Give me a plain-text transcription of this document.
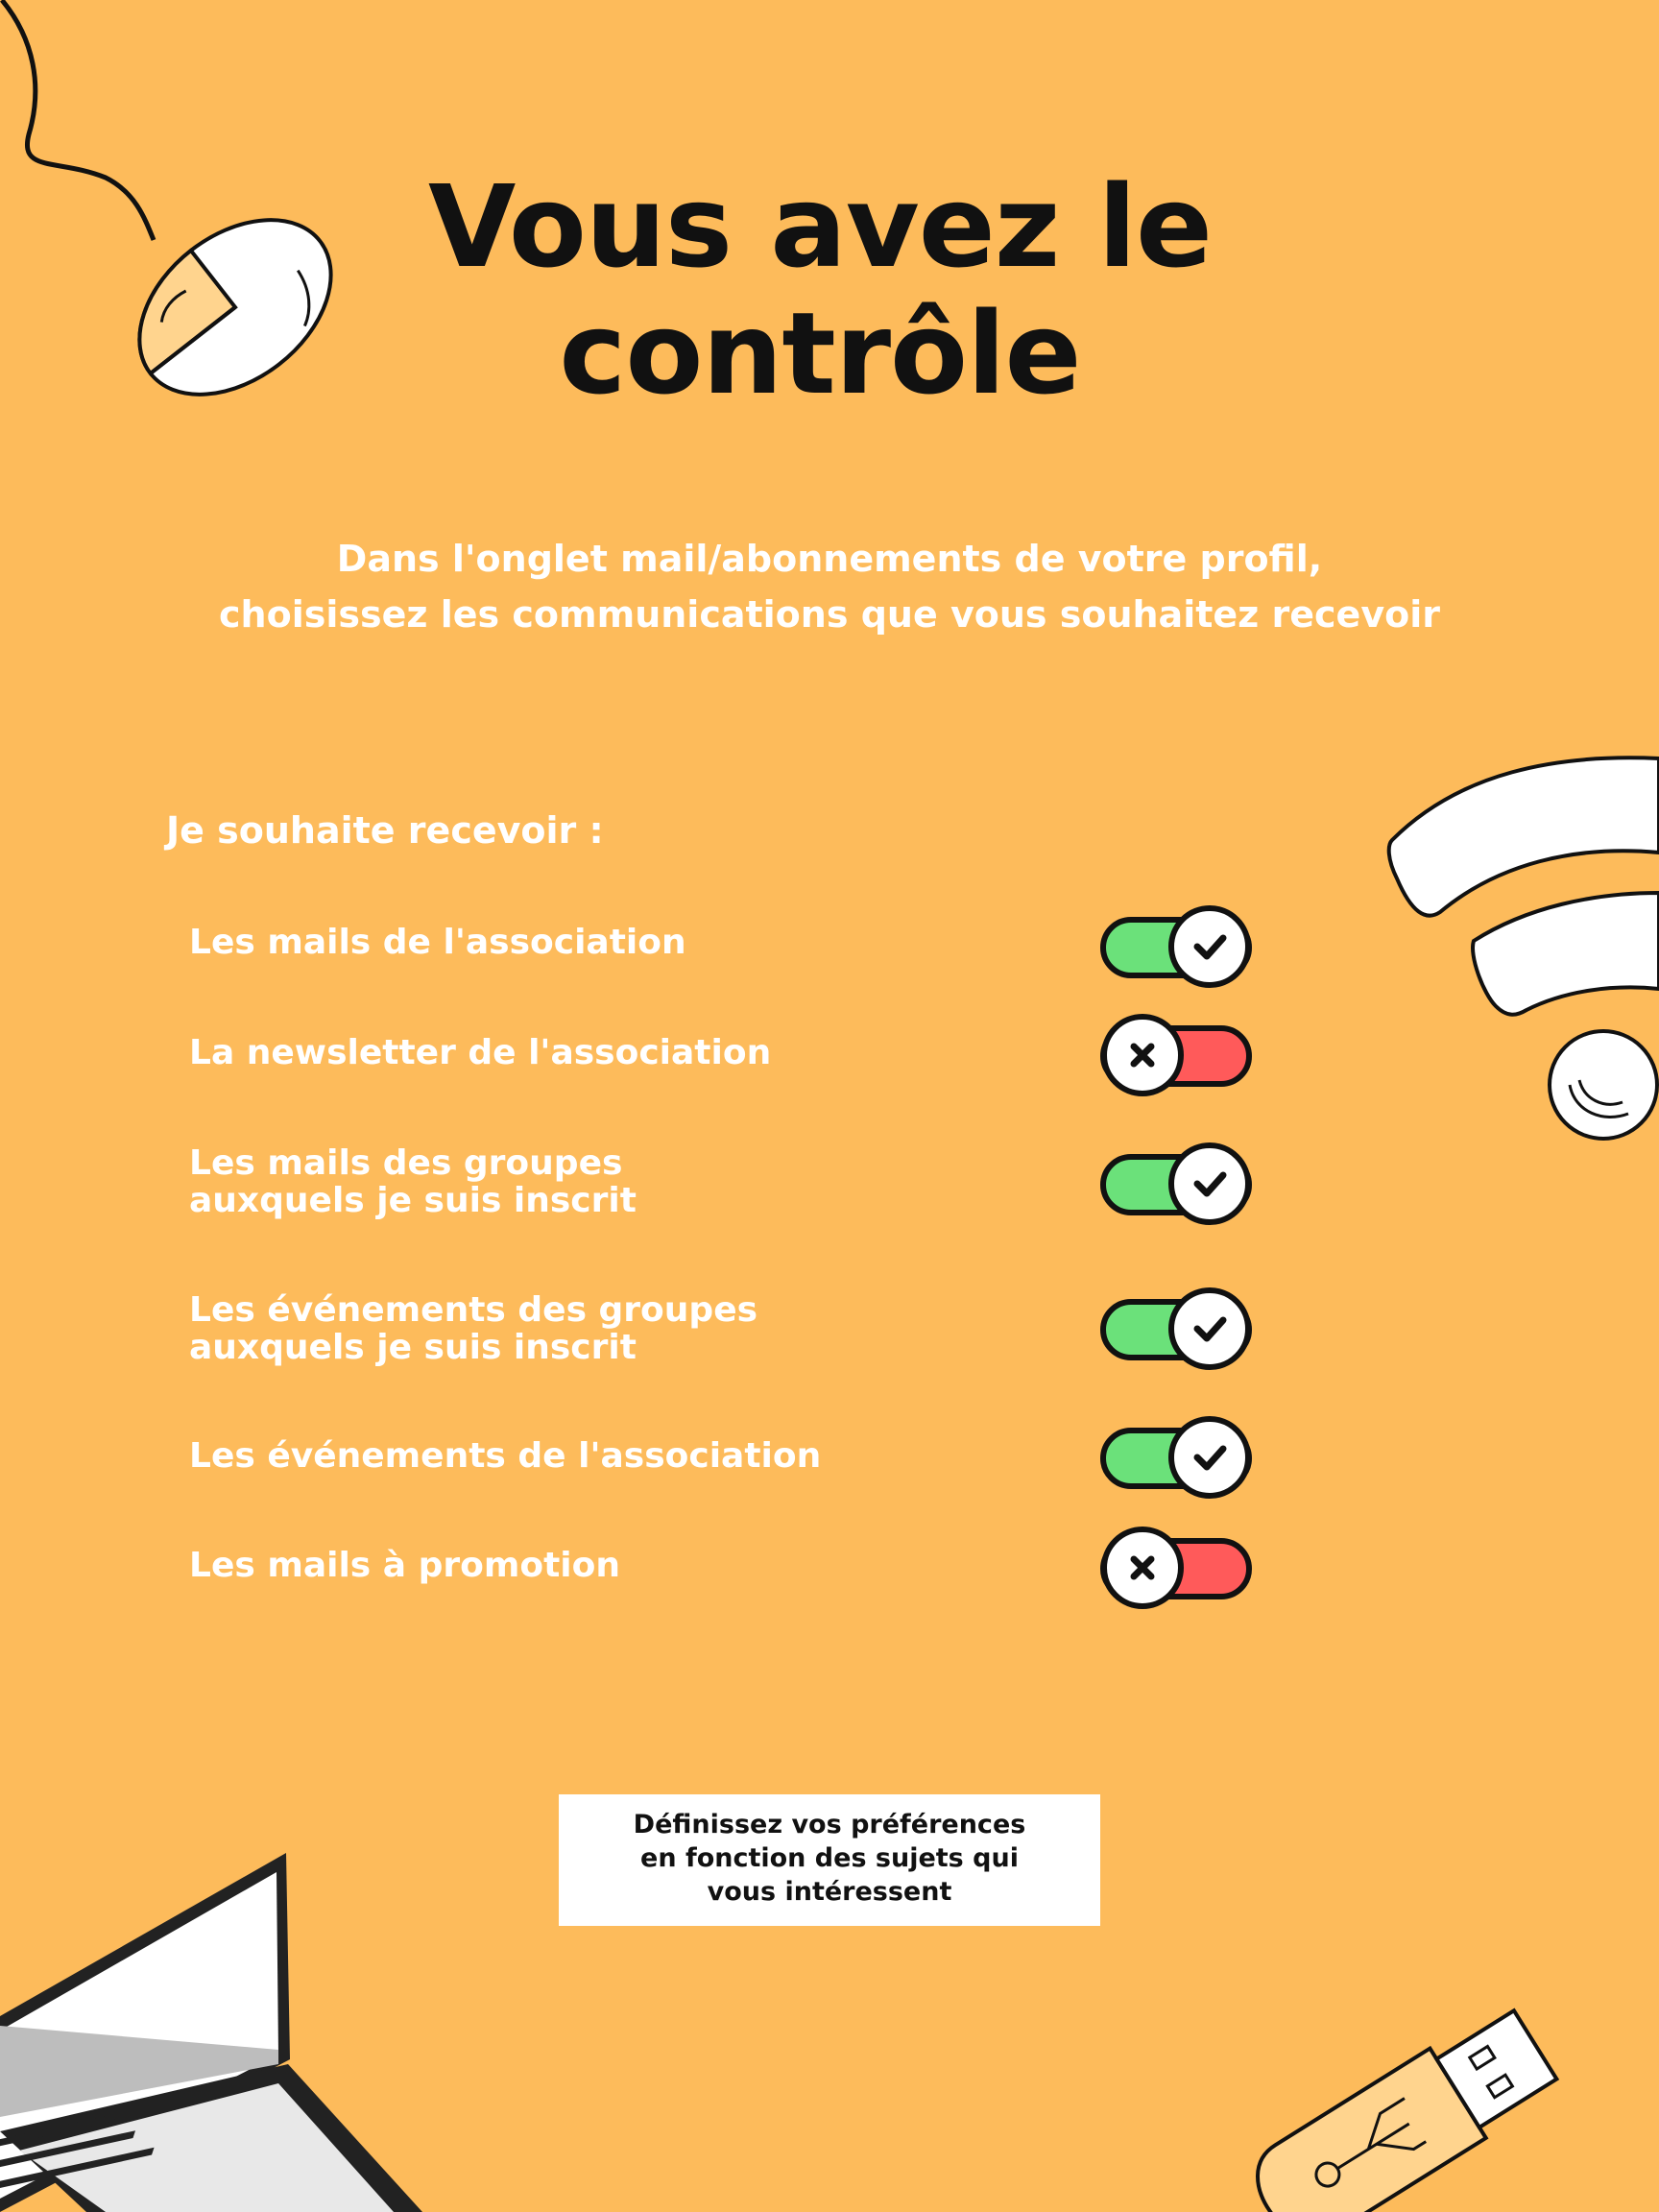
Vous avez le
contrôle
Dans l'onglet mail/abonnements de votre profil,
choisissez les communications que vous souhaitez recevoir
Je souhaite recevoir :
Les mails de l'association
La newsletter de l'association
Les mails des groupes
auxquels je suis inscrit
Les événements des groupes
auxquels je suis inscrit
Les événements de l'association
Les mails à promotion
Définissez vos préférences
en fonction des sujets qui
vous intéressent
